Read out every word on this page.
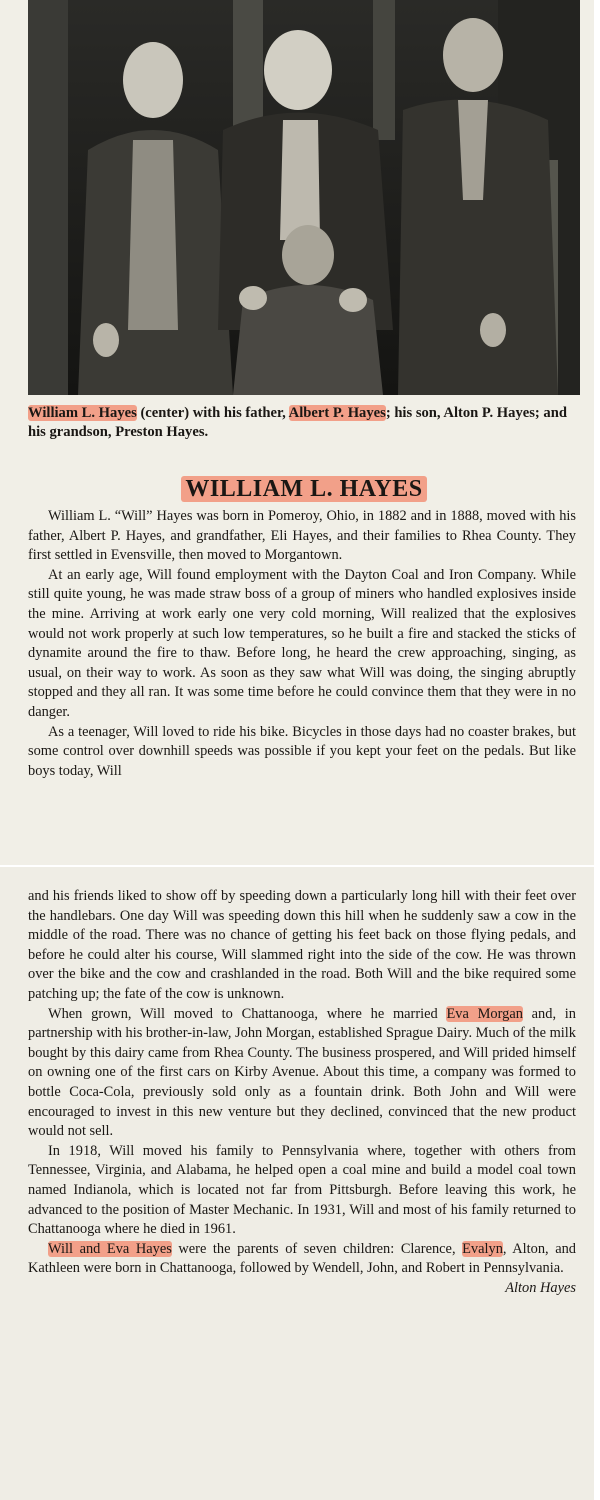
William L. Hayes (center) with his father, Albert P. Hayes; his son, Alton P. Hayes; and his grandson, Preston Hayes.
WILLIAM L. HAYES

William L. “Will” Hayes was born in Pomeroy, Ohio, in 1882 and in 1888, moved with his father, Albert P. Hayes, and grandfather, Eli Hayes, and their families to Rhea County. They first settled in Evensville, then moved to Morgantown.

At an early age, Will found employment with the Dayton Coal and Iron Company. While still quite young, he was made straw boss of a group of miners who handled explosives inside the mine. Arriving at work early one very cold morning, Will realized that the explosives would not work properly at such low temperatures, so he built a fire and stacked the sticks of dynamite around the fire to thaw. Before long, he heard the crew approaching, singing, as usual, on their way to work. As soon as they saw what Will was doing, the singing abruptly stopped and they all ran. It was some time before he could convince them that they were in no danger.

As a teenager, Will loved to ride his bike. Bicycles in those days had no coaster brakes, but some control over downhill speeds was possible if you kept your feet on the pedals. But like boys today, Will

and his friends liked to show off by speeding down a particularly long hill with their feet over the handlebars. One day Will was speeding down this hill when he suddenly saw a cow in the middle of the road. There was no chance of getting his feet back on those flying pedals, and before he could alter his course, Will slammed right into the side of the cow. He was thrown over the bike and the cow and crashlanded in the road. Both Will and the bike required some patching up; the fate of the cow is unknown.

When grown, Will moved to Chattanooga, where he married Eva Morgan and, in partnership with his brother-in-law, John Morgan, established Sprague Dairy. Much of the milk bought by this dairy came from Rhea County. The business prospered, and Will prided himself on owning one of the first cars on Kirby Avenue. About this time, a company was formed to bottle Coca-Cola, previously sold only as a fountain drink. Both John and Will were encouraged to invest in this new venture but they declined, convinced that the new product would not sell.

In 1918, Will moved his family to Pennsylvania where, together with others from Tennessee, Virginia, and Alabama, he helped open a coal mine and build a model coal town named Indianola, which is located not far from Pittsburgh. Before leaving this work, he advanced to the position of Master Mechanic. In 1931, Will and most of his family returned to Chattanooga where he died in 1961.

Will and Eva Hayes were the parents of seven children: Clarence, Evalyn, Alton, and Kathleen were born in Chattanooga, followed by Wendell, John, and Robert in Pennsylvania.
Alton Hayes
